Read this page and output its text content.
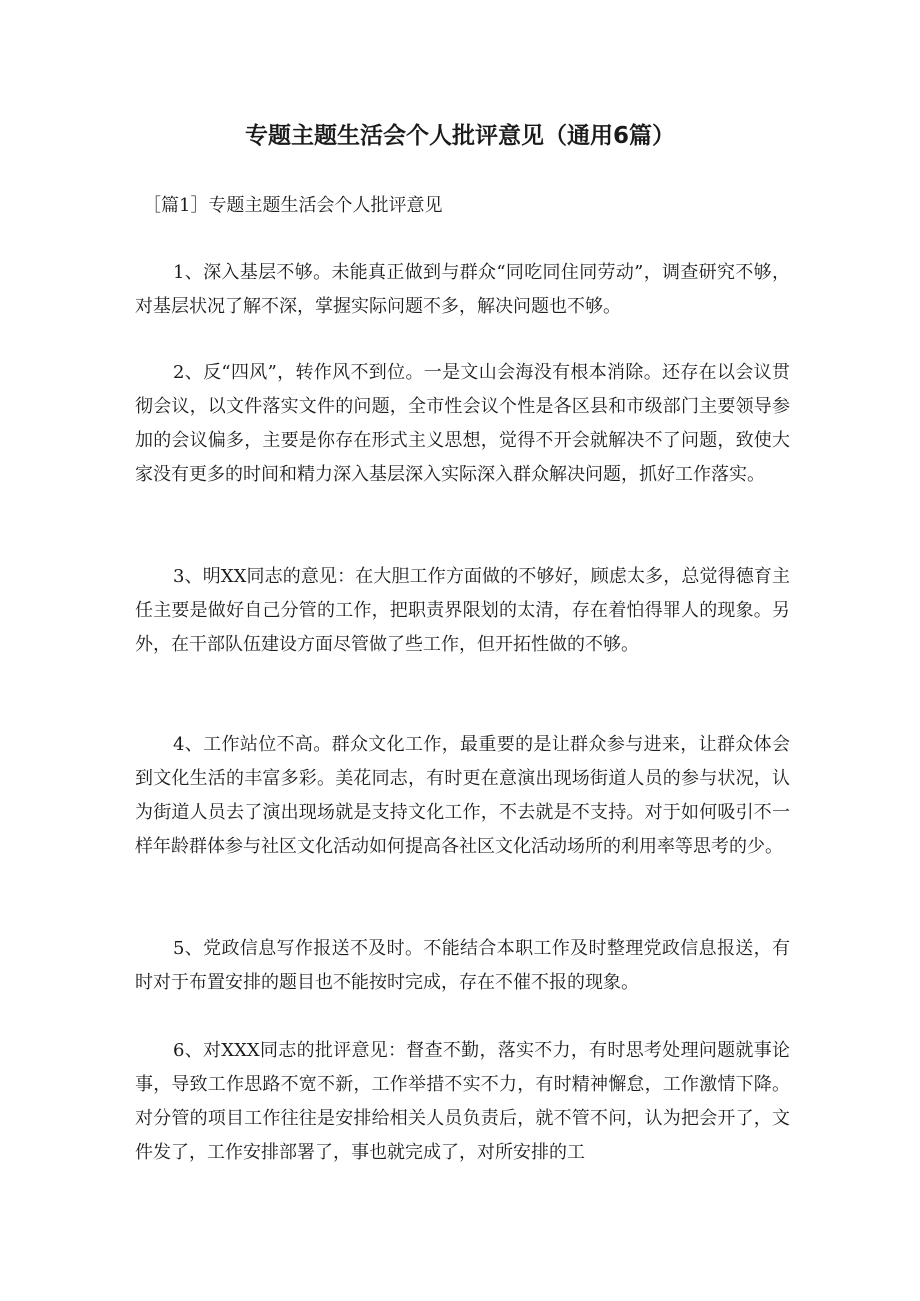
专题主题生活会个人批评意见（通用6篇）

［篇1］专题主题生活会个人批评意见

1、深入基层不够。未能真正做到与群众“同吃同住同劳动”，调查研究不够，对基层状况了解不深，掌握实际问题不多，解决问题也不够。

2、反“四风”，转作风不到位。一是文山会海没有根本消除。还存在以会议贯彻会议，以文件落实文件的问题，全市性会议个性是各区县和市级部门主要领导参加的会议偏多，主要是你存在形式主义思想，觉得不开会就解决不了问题，致使大家没有更多的时间和精力深入基层深入实际深入群众解决问题，抓好工作落实。

3、明XX同志的意见：在大胆工作方面做的不够好，顾虑太多，总觉得德育主任主要是做好自己分管的工作，把职责界限划的太清，存在着怕得罪人的现象。另外，在干部队伍建设方面尽管做了些工作，但开拓性做的不够。

4、工作站位不高。群众文化工作，最重要的是让群众参与进来，让群众体会到文化生活的丰富多彩。美花同志，有时更在意演出现场街道人员的参与状况，认为街道人员去了演出现场就是支持文化工作，不去就是不支持。对于如何吸引不一样年龄群体参与社区文化活动如何提高各社区文化活动场所的利用率等思考的少。

5、党政信息写作报送不及时。不能结合本职工作及时整理党政信息报送，有时对于布置安排的题目也不能按时完成，存在不催不报的现象。

6、对XXX同志的批评意见：督查不勤，落实不力，有时思考处理问题就事论事，导致工作思路不宽不新，工作举措不实不力，有时精神懈怠，工作激情下降。对分管的项目工作往往是安排给相关人员负责后，就不管不问，认为把会开了，文件发了，工作安排部署了，事也就完成了，对所安排的工
